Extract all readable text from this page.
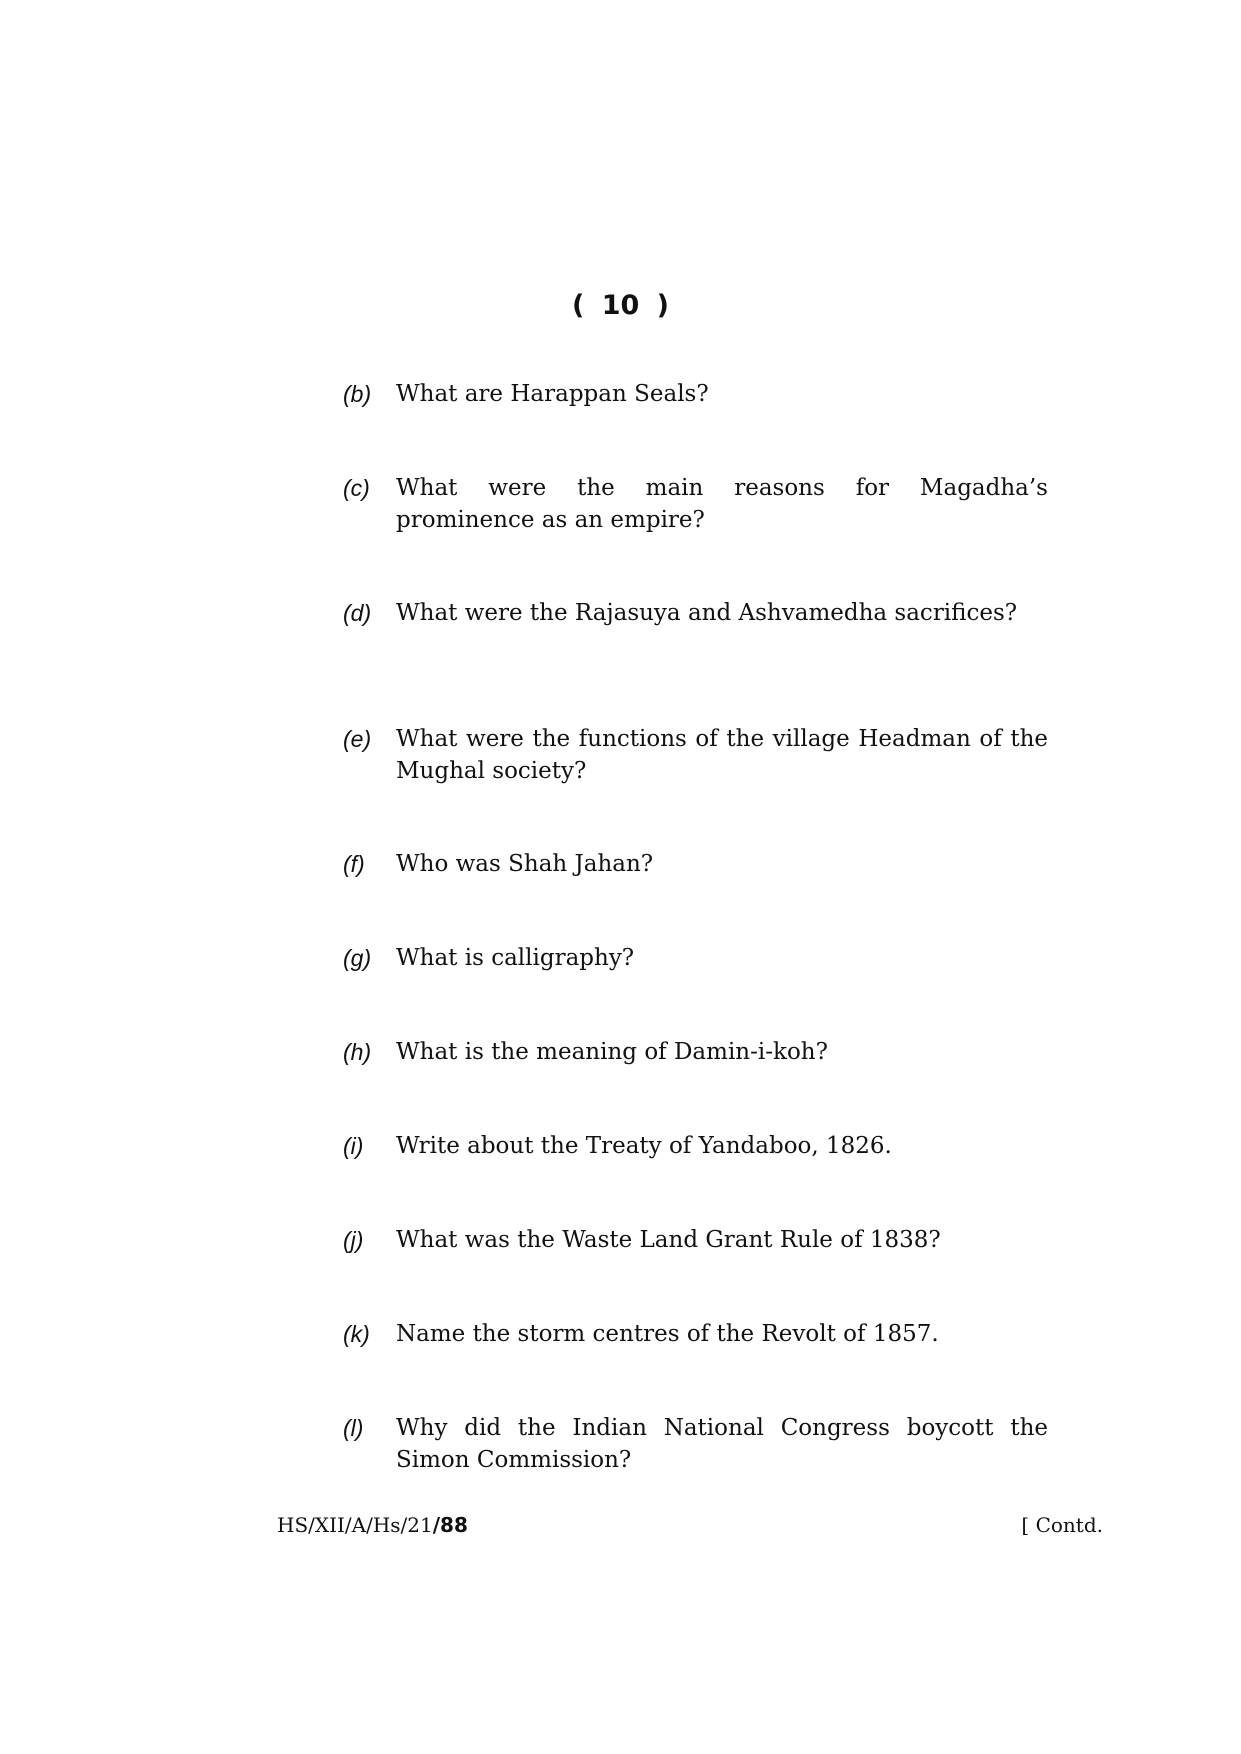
( 10 )
(b)	What are Harappan Seals?
(c)	What were the main reasons for Magadha’s prominence as an empire?
(d)	What were the Rajasuya and Ashvamedha sacrifices?
(e)	What were the functions of the village Headman of the Mughal society?
(f)	Who was Shah Jahan?
(g)	What is calligraphy?
(h)	What is the meaning of Damin-i-koh?
(i)	Write about the Treaty of Yandaboo, 1826.
(j)	What was the Waste Land Grant Rule of 1838?
(k)	Name the storm centres of the Revolt of 1857.
(l)	Why did the Indian National Congress boycott the Simon Commission?
HS/XII/A/Hs/21/88	[ Contd.
